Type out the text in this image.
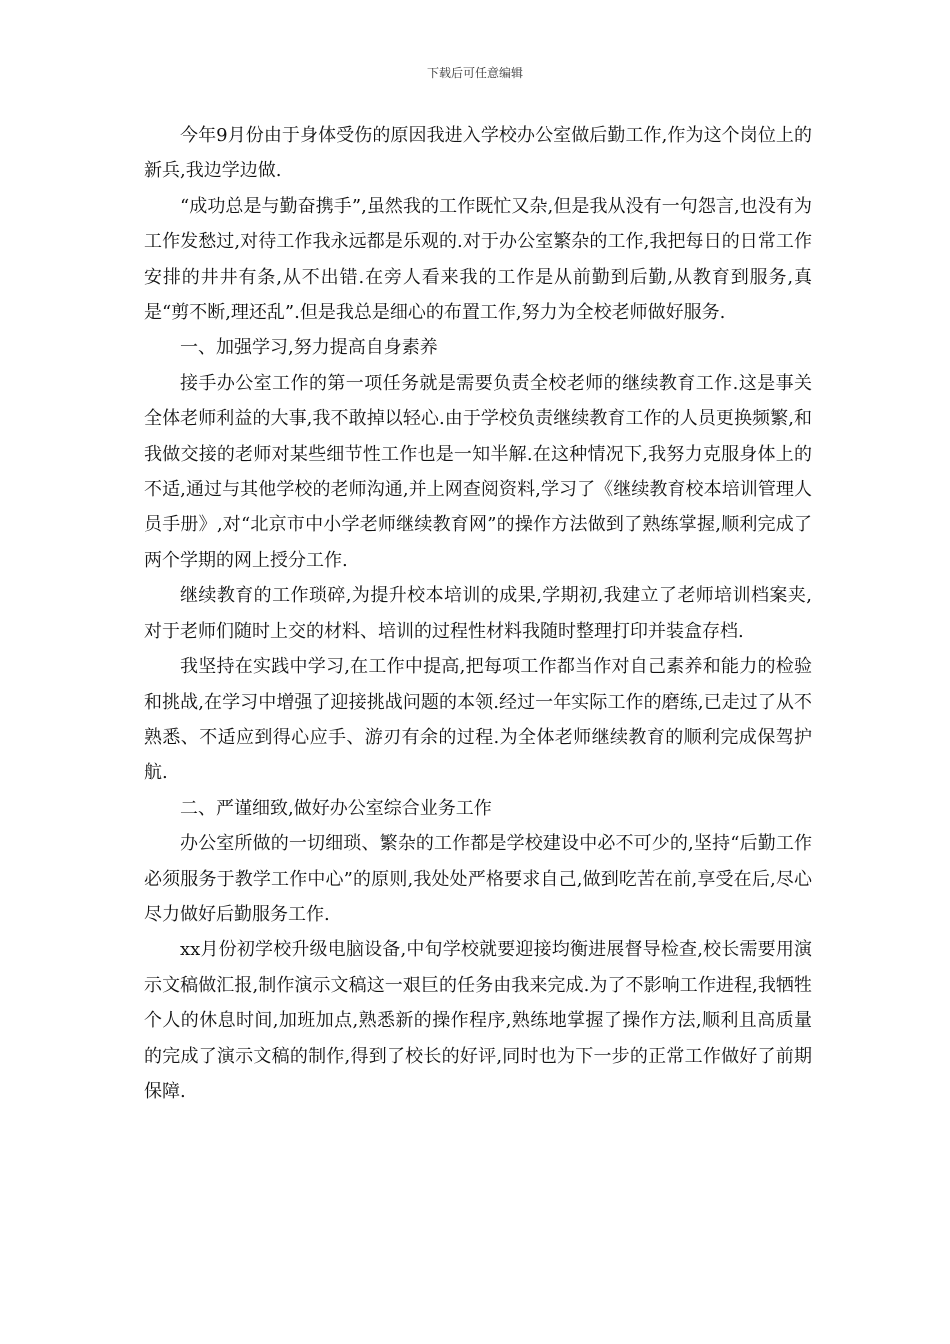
下载后可任意编辑

今年9月份由于身体受伤的原因我进入学校办公室做后勤工作,作为这个岗位上的新兵,我边学边做.

“成功总是与勤奋携手”,虽然我的工作既忙又杂,但是我从没有一句怨言,也没有为工作发愁过,对待工作我永远都是乐观的.对于办公室繁杂的工作,我把每日的日常工作安排的井井有条,从不出错.在旁人看来我的工作是从前勤到后勤,从教育到服务,真是“剪不断,理还乱”.但是我总是细心的布置工作,努力为全校老师做好服务.

一、加强学习,努力提高自身素养

接手办公室工作的第一项任务就是需要负责全校老师的继续教育工作.这是事关全体老师利益的大事,我不敢掉以轻心.由于学校负责继续教育工作的人员更换频繁,和我做交接的老师对某些细节性工作也是一知半解.在这种情况下,我努力克服身体上的不适,通过与其他学校的老师沟通,并上网查阅资料,学习了《继续教育校本培训管理人员手册》,对“北京市中小学老师继续教育网”的操作方法做到了熟练掌握,顺利完成了两个学期的网上授分工作.

继续教育的工作琐碎,为提升校本培训的成果,学期初,我建立了老师培训档案夹,对于老师们随时上交的材料、培训的过程性材料我随时整理打印并装盒存档.

我坚持在实践中学习,在工作中提高,把每项工作都当作对自己素养和能力的检验和挑战,在学习中增强了迎接挑战问题的本领.经过一年实际工作的磨练,已走过了从不熟悉、不适应到得心应手、游刃有余的过程.为全体老师继续教育的顺利完成保驾护航.

二、严谨细致,做好办公室综合业务工作

办公室所做的一切细琐、繁杂的工作都是学校建设中必不可少的,坚持“后勤工作必须服务于教学工作中心”的原则,我处处严格要求自己,做到吃苦在前,享受在后,尽心尽力做好后勤服务工作.

xx月份初学校升级电脑设备,中旬学校就要迎接均衡进展督导检查,校长需要用演示文稿做汇报,制作演示文稿这一艰巨的任务由我来完成.为了不影响工作进程,我牺牲个人的休息时间,加班加点,熟悉新的操作程序,熟练地掌握了操作方法,顺利且高质量的完成了演示文稿的制作,得到了校长的好评,同时也为下一步的正常工作做好了前期保障.
